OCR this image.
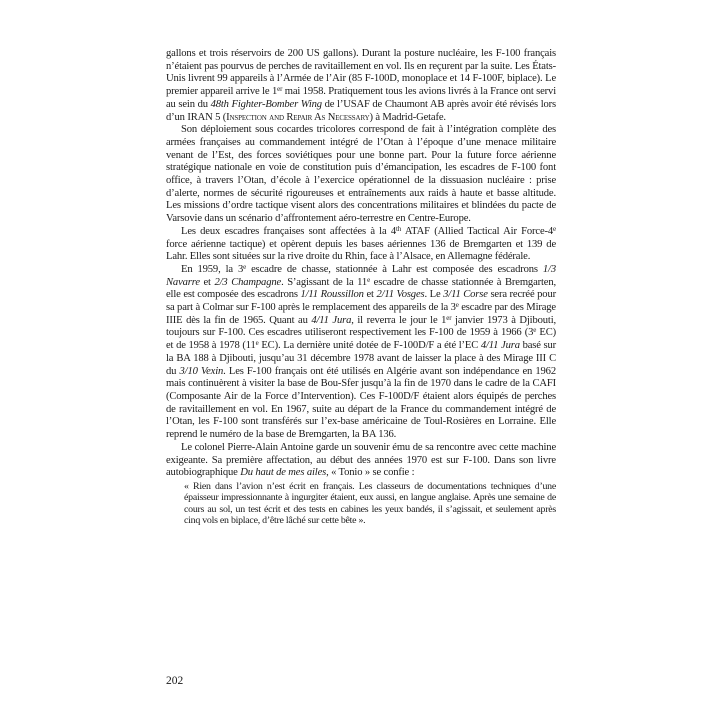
gallons et trois réservoirs de 200 US gallons). Durant la posture nucléaire, les F-100 français n’étaient pas pourvus de perches de ravitaillement en vol. Ils en reçurent par la suite. Les États-Unis livrent 99 appareils à l’Armée de l’Air (85 F-100D, monoplace et 14 F-100F, biplace). Le premier appareil arrive le 1er mai 1958. Pratiquement tous les avions livrés à la France ont servi au sein du 48th Fighter-Bomber Wing de l’USAF de Chaumont AB après avoir été révisés lors d’un IRAN 5 (Inspection and Repair As Necessary) à Madrid-Getafe.

Son déploiement sous cocardes tricolores correspond de fait à l’intégration complète des armées françaises au commandement intégré de l’Otan à l’époque d’une menace militaire venant de l’Est, des forces soviétiques pour une bonne part. Pour la future force aérienne stratégique nationale en voie de constitution puis d’émancipation, les escadres de F-100 font office, à travers l’Otan, d’école à l’exercice opérationnel de la dissuasion nucléaire : prise d’alerte, normes de sécurité rigoureuses et entraînements aux raids à haute et basse altitude. Les missions d’ordre tactique visent alors des concentrations militaires et blindées du pacte de Varsovie dans un scénario d’affrontement aéro-terrestre en Centre-Europe.

Les deux escadres françaises sont affectées à la 4th ATAF (Allied Tactical Air Force-4e force aérienne tactique) et opèrent depuis les bases aériennes 136 de Bremgarten et 139 de Lahr. Elles sont situées sur la rive droite du Rhin, face à l’Alsace, en Allemagne fédérale.

En 1959, la 3e escadre de chasse, stationnée à Lahr est composée des escadrons 1/3 Navarre et 2/3 Champagne. S’agissant de la 11e escadre de chasse stationnée à Bremgarten, elle est composée des escadrons 1/11 Roussillon et 2/11 Vosges. Le 3/11 Corse sera recréé pour sa part à Colmar sur F-100 après le remplacement des appareils de la 3e escadre par des Mirage IIIE dès la fin de 1965. Quant au 4/11 Jura, il reverra le jour le 1er janvier 1973 à Djibouti, toujours sur F-100. Ces escadres utiliseront respectivement les F-100 de 1959 à 1966 (3e EC) et de 1958 à 1978 (11e EC). La dernière unité dotée de F-100D/F a été l’EC 4/11 Jura basé sur la BA 188 à Djibouti, jusqu’au 31 décembre 1978 avant de laisser la place à des Mirage III C du 3/10 Vexin. Les F-100 français ont été utilisés en Algérie avant son indépendance en 1962 mais continuèrent à visiter la base de Bou-Sfer jusqu’à la fin de 1970 dans le cadre de la CAFI (Composante Air de la Force d’Intervention). Ces F-100D/F étaient alors équipés de perches de ravitaillement en vol. En 1967, suite au départ de la France du commandement intégré de l’Otan, les F-100 sont transférés sur l’ex-base américaine de Toul-Rosières en Lorraine. Elle reprend le numéro de la base de Bremgarten, la BA 136.

Le colonel Pierre-Alain Antoine garde un souvenir ému de sa rencontre avec cette machine exigeante. Sa première affectation, au début des années 1970 est sur F-100. Dans son livre autobiographique Du haut de mes ailes, « Tonio » se confie :

« Rien dans l’avion n’est écrit en français. Les classeurs de documentations techniques d’une épaisseur impressionnante à ingurgiter étaient, eux aussi, en langue anglaise. Après une semaine de cours au sol, un test écrit et des tests en cabines les yeux bandés, il s’agissait, et seulement après cinq vols en biplace, d’être lâché sur cette bête ».

202
